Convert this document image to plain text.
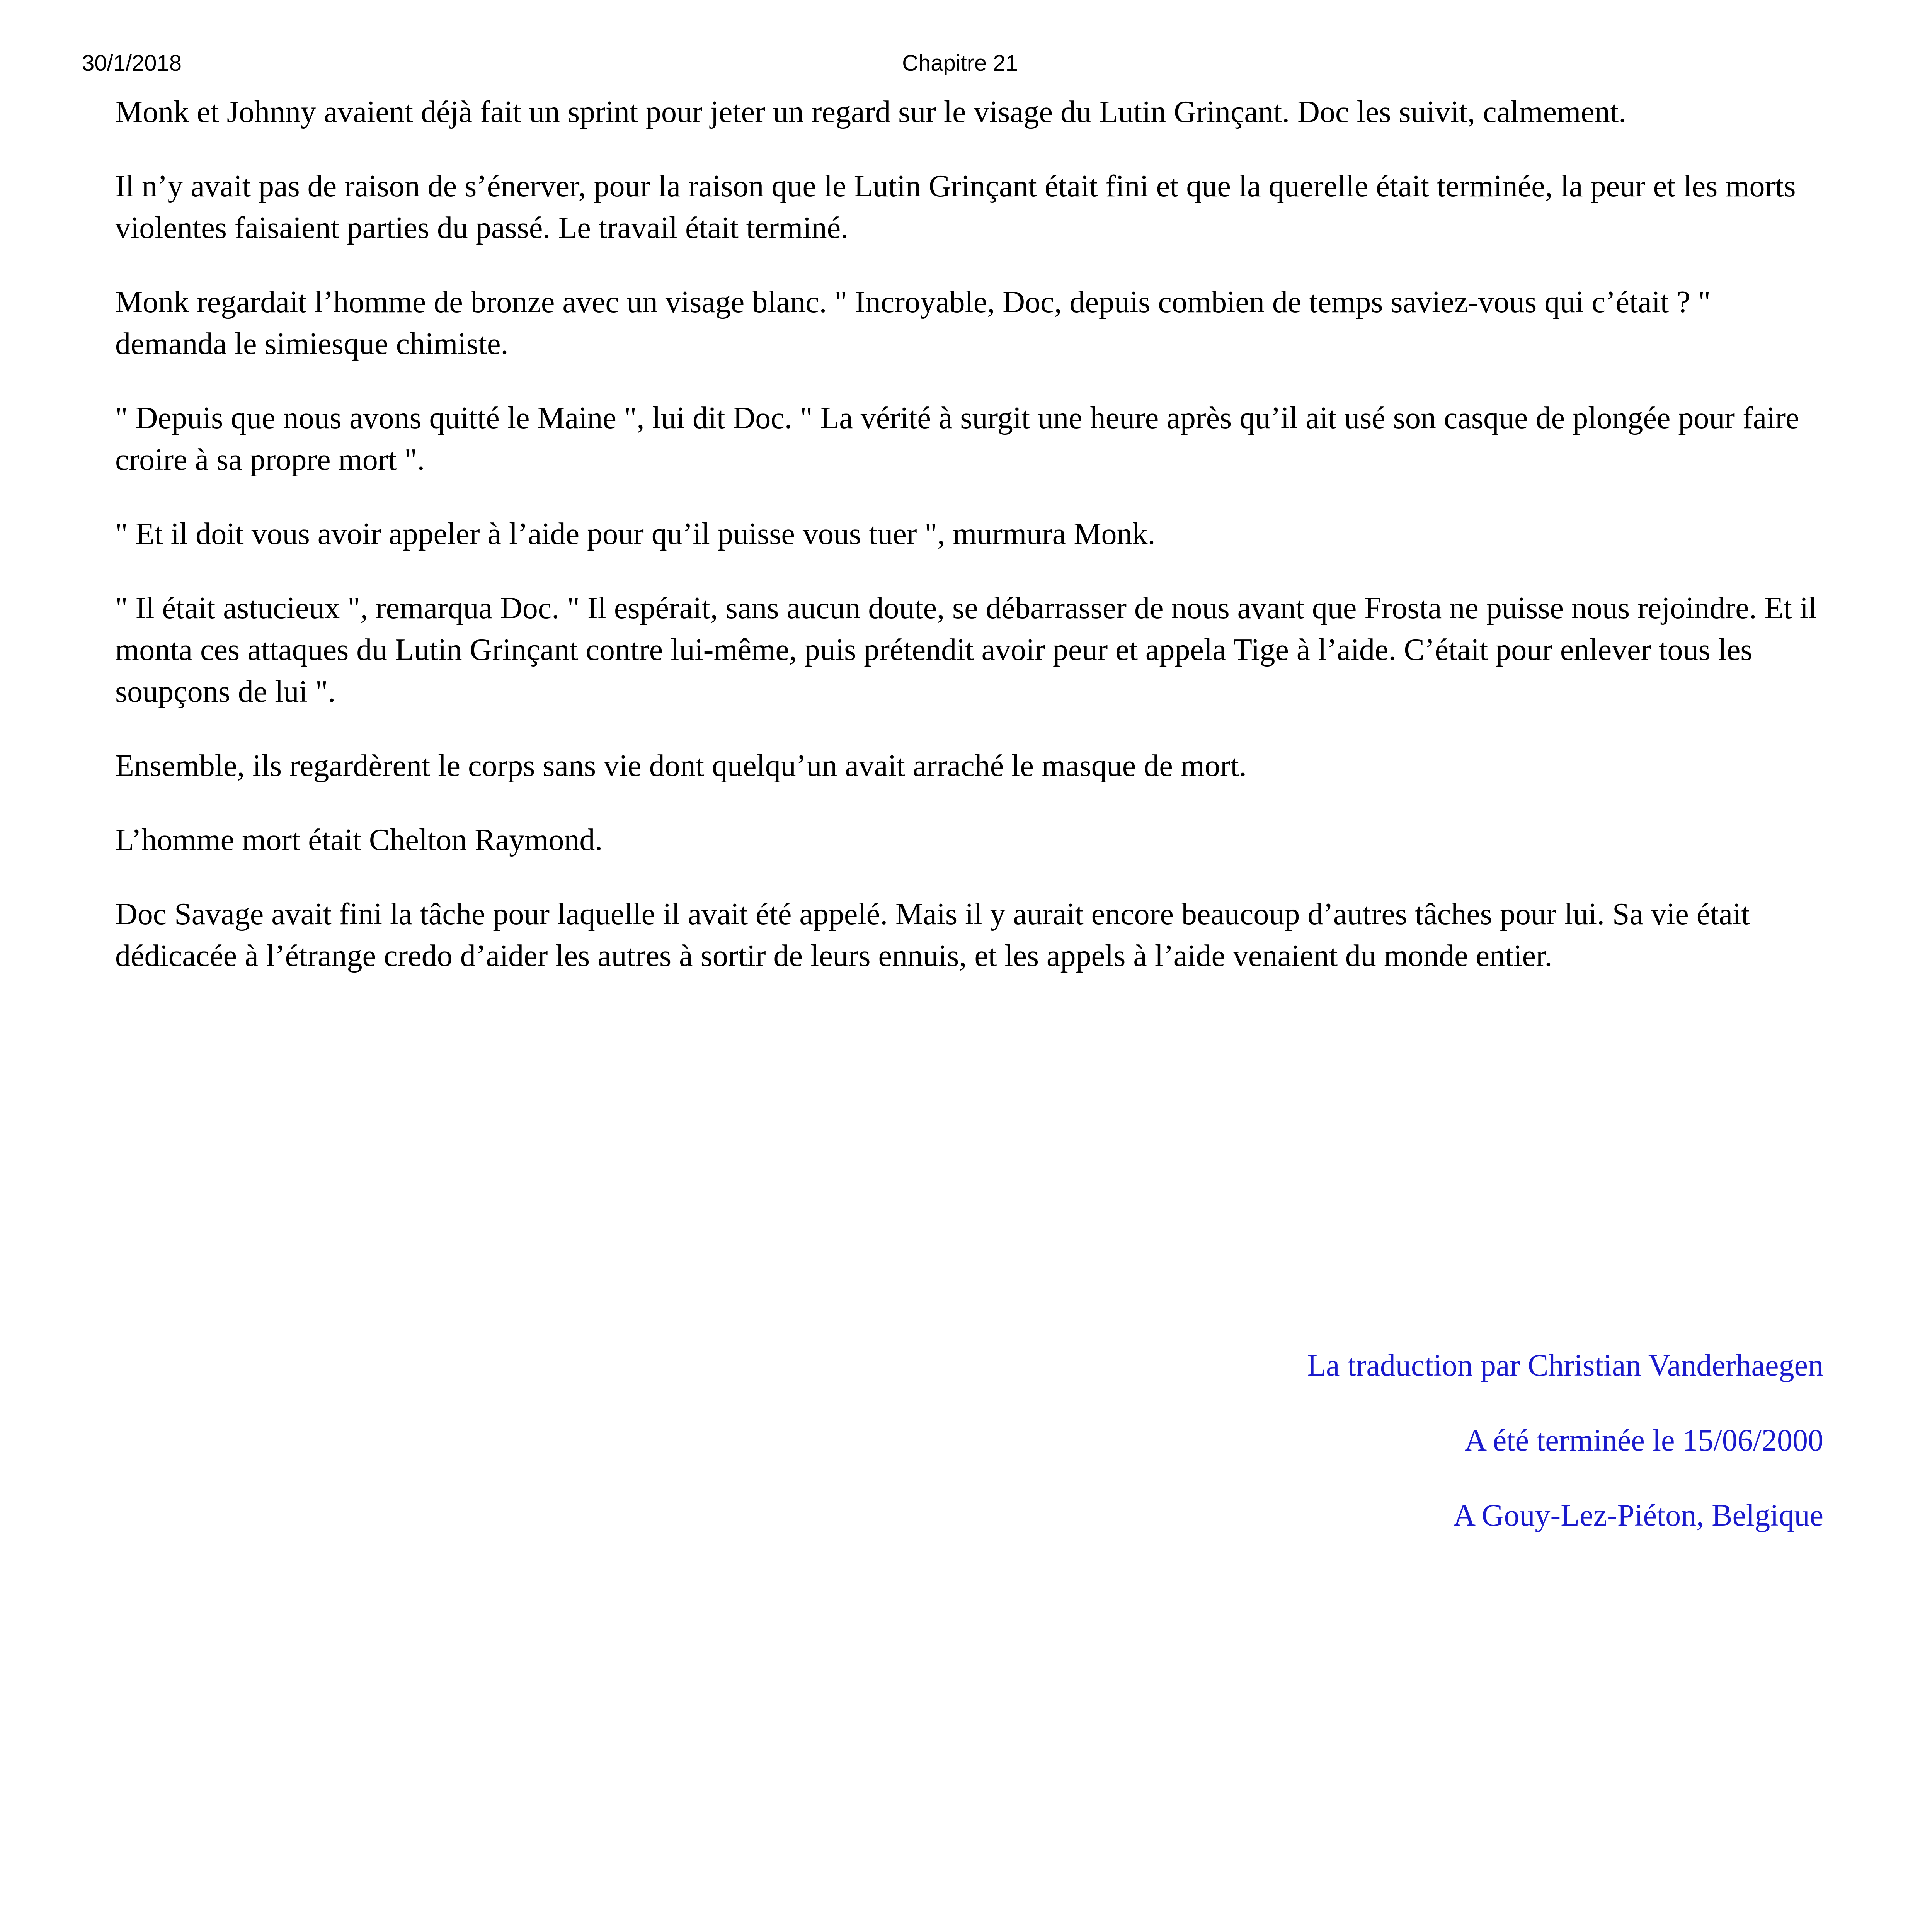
30/1/2018	Chapitre 21

Monk et Johnny avaient déjà fait un sprint pour jeter un regard sur le visage du Lutin Grinçant. Doc les suivit, calmement.

Il n’y avait pas de raison de s’énerver, pour la raison que le Lutin Grinçant était fini et que la querelle était terminée, la peur et les morts violentes faisaient parties du passé. Le travail était terminé.

Monk regardait l’homme de bronze avec un visage blanc. " Incroyable, Doc, depuis combien de temps saviez-vous qui c’était ? " demanda le simiesque chimiste.

" Depuis que nous avons quitté le Maine ", lui dit Doc. " La vérité à surgit une heure après qu’il ait usé son casque de plongée pour faire croire à sa propre mort ".

" Et il doit vous avoir appeler à l’aide pour qu’il puisse vous tuer ", murmura Monk.

" Il était astucieux ", remarqua Doc. " Il espérait, sans aucun doute, se débarrasser de nous avant que Frosta ne puisse nous rejoindre. Et il monta ces attaques du Lutin Grinçant contre lui-même, puis prétendit avoir peur et appela Tige à l’aide. C’était pour enlever tous les soupçons de lui ".

Ensemble, ils regardèrent le corps sans vie dont quelqu’un avait arraché le masque de mort.

L’homme mort était Chelton Raymond.

Doc Savage avait fini la tâche pour laquelle il avait été appelé. Mais il y aurait encore beaucoup d’autres tâches pour lui. Sa vie était dédicacée à l’étrange credo d’aider les autres à sortir de leurs ennuis, et les appels à l’aide venaient du monde entier.

La traduction par Christian Vanderhaegen

A été terminée le 15/06/2000

A Gouy-Lez-Piéton, Belgique
